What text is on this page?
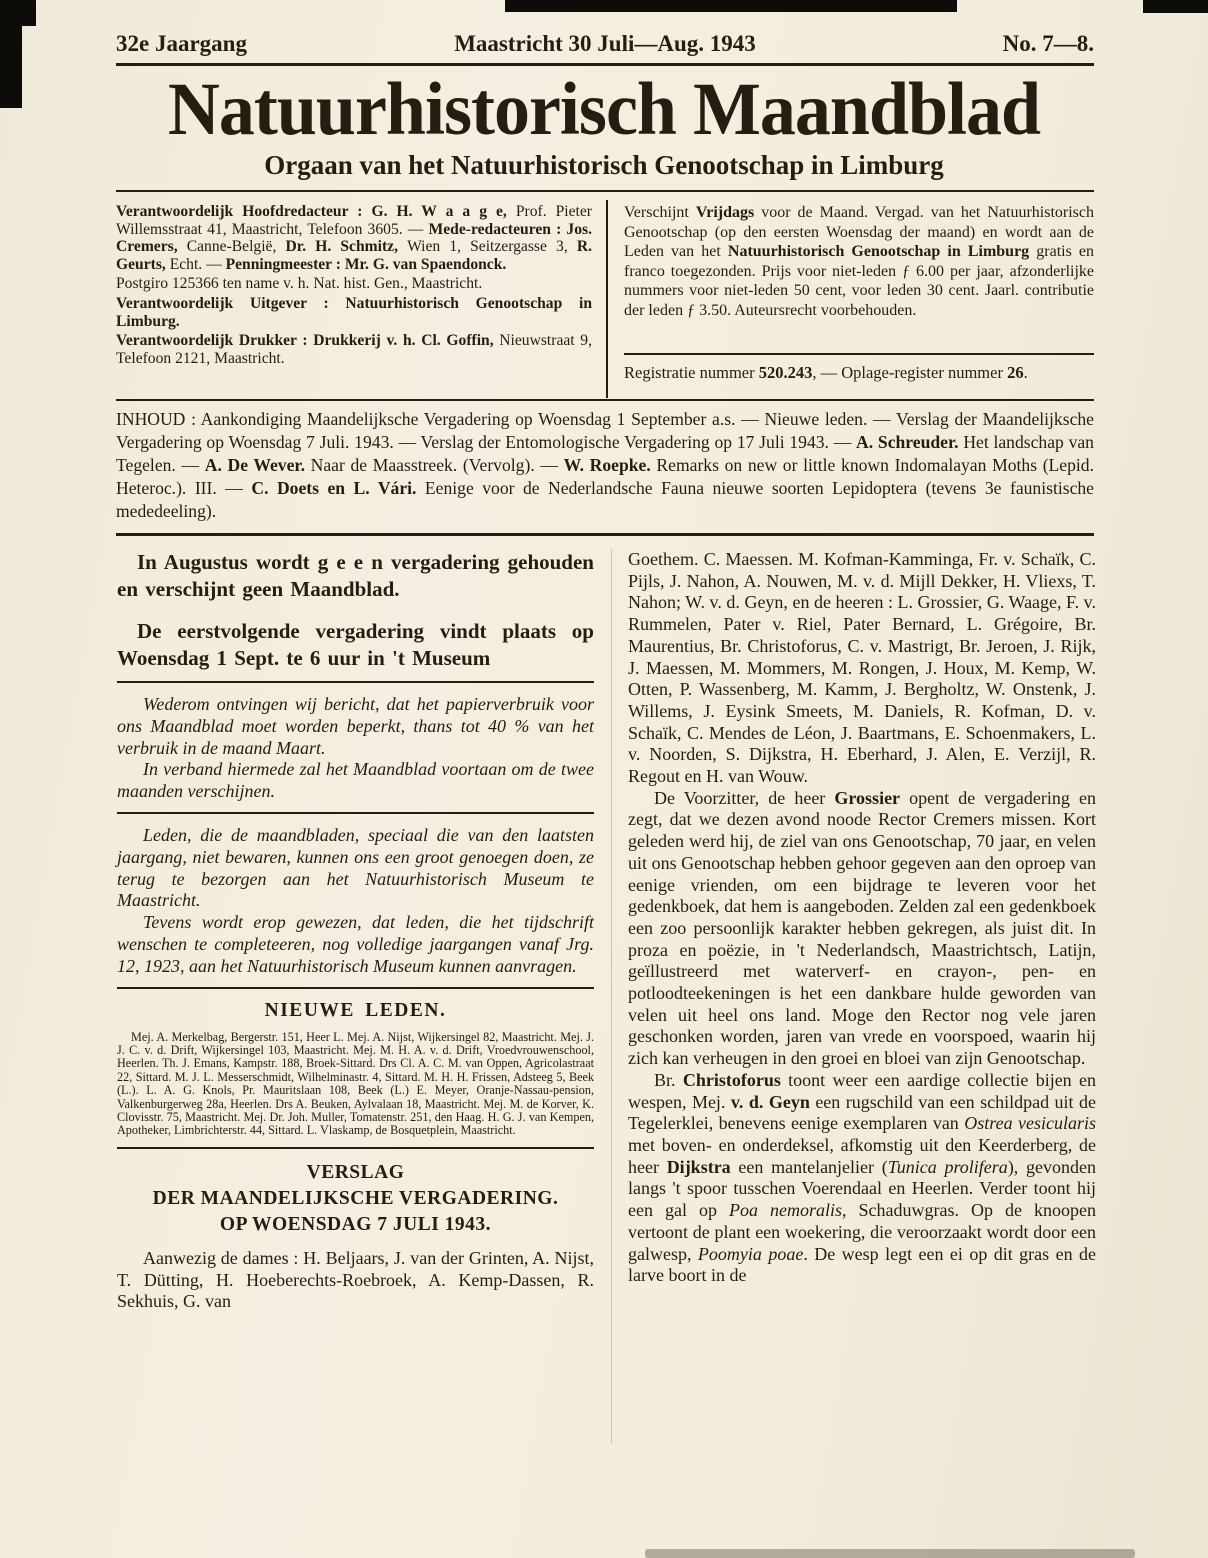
32e Jaargang	Maastricht 30 Juli—Aug. 1943	No. 7—8.
Natuurhistorisch Maandblad
Orgaan van het Natuurhistorisch Genootschap in Limburg

Verantwoordelijk Hoofdredacteur : G. H. W a a g e, Prof. Pieter Willemsstraat 41, Maastricht, Telefoon 3605. — Mede-redacteuren : Jos. Cremers, Canne-België, Dr. H. Schmitz, Wien 1, Seitzergasse 3, R. Geurts, Echt. — Penningmeester : Mr. G. van Spaendonck.

Postgiro 125366 ten name v. h. Nat. hist. Gen., Maastricht.

Verantwoordelijk Uitgever : Natuurhistorisch Genootschap in Limburg.

Verantwoordelijk Drukker : Drukkerij v. h. Cl. Goffin, Nieuwstraat 9, Telefoon 2121, Maastricht.

Verschijnt Vrijdags voor de Maand. Vergad. van het Natuurhistorisch Genootschap (op den eersten Woensdag der maand) en wordt aan de Leden van het Natuurhistorisch Genootschap in Limburg gratis en franco toegezonden. Prijs voor niet-leden ƒ 6.00 per jaar, afzonderlijke nummers voor niet-leden 50 cent, voor leden 30 cent. Jaarl. contributie der leden ƒ 3.50. Auteursrecht voorbehouden.

Registratie nummer 520.243, — Oplage-register nummer 26.

INHOUD : Aankondiging Maandelijksche Vergadering op Woensdag 1 September a.s. — Nieuwe leden. — Verslag der Maandelijksche Vergadering op Woensdag 7 Juli. 1943. — Verslag der Entomologische Vergadering op 17 Juli 1943. — A. Schreuder. Het landschap van Tegelen. — A. De Wever. Naar de Maasstreek. (Vervolg). — W. Roepke. Remarks on new or little known Indomalayan Moths (Lepid. Heteroc.). III. — C. Doets en L. Vári. Eenige voor de Nederlandsche Fauna nieuwe soorten Lepidoptera (tevens 3e faunistische mededeeling).

In Augustus wordt g e e n vergadering gehouden en verschijnt geen Maandblad.

De eerstvolgende vergadering vindt plaats op Woensdag 1 Sept. te 6 uur in 't Museum

Wederom ontvingen wij bericht, dat het papierverbruik voor ons Maandblad moet worden beperkt, thans tot 40 % van het verbruik in de maand Maart.

In verband hiermede zal het Maandblad voortaan om de twee maanden verschijnen.

Leden, die de maandbladen, speciaal die van den laatsten jaargang, niet bewaren, kunnen ons een groot genoegen doen, ze terug te bezorgen aan het Natuurhistorisch Museum te Maastricht.

Tevens wordt erop gewezen, dat leden, die het tijdschrift wenschen te completeeren, nog volledige jaargangen vanaf Jrg. 12, 1923, aan het Natuurhistorisch Museum kunnen aanvragen.

NIEUWE LEDEN.

Mej. A. Merkelbag, Bergerstr. 151, Heer L. Mej. A. Nijst, Wijkersingel 82, Maastricht. Mej. J. J. C. v. d. Drift, Wijkersingel 103, Maastricht. Mej. M. H. A. v. d. Drift, Vroedvrouwenschool, Heerlen. Th. J. Emans, Kampstr. 188, Broek-Sittard. Drs Cl. A. C. M. van Oppen, Agricolastraat 22, Sittard. M. J. L. Messerschmidt, Wilhelminastr. 4, Sittard. M. H. H. Frissen, Adsteeg 5, Beek (L.). L. A. G. Knols, Pr. Mauritslaan 108, Beek (L.) E. Meyer, Oranje-Nassau-pension, Valkenburgerweg 28a, Heerlen. Drs A. Beuken, Aylvalaan 18, Maastricht. Mej. M. de Korver, K. Clovisstr. 75, Maastricht. Mej. Dr. Joh. Muller, Tomatenstr. 251, den Haag. H. G. J. van Kempen, Apotheker, Limbrichterstr. 44, Sittard. L. Vlaskamp, de Bosquetplein, Maastricht.

VERSLAG
DER MAANDELIJKSCHE VERGADERING.
OP WOENSDAG 7 JULI 1943.

Aanwezig de dames : H. Beljaars, J. van der Grinten, A. Nijst, T. Dütting, H. Hoeberechts-Roebroek, A. Kemp-Dassen, R. Sekhuis, G. van

Goethem. C. Maessen. M. Kofman-Kamminga, Fr. v. Schaïk, C. Pijls, J. Nahon, A. Nouwen, M. v. d. Mijll Dekker, H. Vliexs, T. Nahon; W. v. d. Geyn, en de heeren : L. Grossier, G. Waage, F. v. Rummelen, Pater v. Riel, Pater Bernard, L. Grégoire, Br. Maurentius, Br. Christoforus, C. v. Mastrigt, Br. Jeroen, J. Rijk, J. Maessen, M. Mommers, M. Rongen, J. Houx, M. Kemp, W. Otten, P. Wassenberg, M. Kamm, J. Bergholtz, W. Onstenk, J. Willems, J. Eysink Smeets, M. Daniels, R. Kofman, D. v. Schaïk, C. Mendes de Léon, J. Baartmans, E. Schoenmakers, L. v. Noorden, S. Dijkstra, H. Eberhard, J. Alen, E. Verzijl, R. Regout en H. van Wouw.

De Voorzitter, de heer Grossier opent de vergadering en zegt, dat we dezen avond noode Rector Cremers missen. Kort geleden werd hij, de ziel van ons Genootschap, 70 jaar, en velen uit ons Genootschap hebben gehoor gegeven aan den oproep van eenige vrienden, om een bijdrage te leveren voor het gedenkboek, dat hem is aangeboden. Zelden zal een gedenkboek een zoo persoonlijk karakter hebben gekregen, als juist dit. In proza en poëzie, in 't Nederlandsch, Maastrichtsch, Latijn, geïllustreerd met waterverf- en crayon-, pen- en potloodteekeningen is het een dankbare hulde geworden van velen uit heel ons land. Moge den Rector nog vele jaren geschonken worden, jaren van vrede en voorspoed, waarin hij zich kan verheugen in den groei en bloei van zijn Genootschap.

Br. Christoforus toont weer een aardige collectie bijen en wespen, Mej. v. d. Geyn een rugschild van een schildpad uit de Tegelerklei, benevens eenige exemplaren van Ostrea vesicularis met boven- en onderdeksel, afkomstig uit den Keerderberg, de heer Dijkstra een mantelanjelier (Tunica prolifera), gevonden langs 't spoor tusschen Voerendaal en Heerlen. Verder toont hij een gal op Poa nemoralis, Schaduwgras. Op de knoopen vertoont de plant een woekering, die veroorzaakt wordt door een galwesp, Poomyia poae. De wesp legt een ei op dit gras en de larve boort in de
